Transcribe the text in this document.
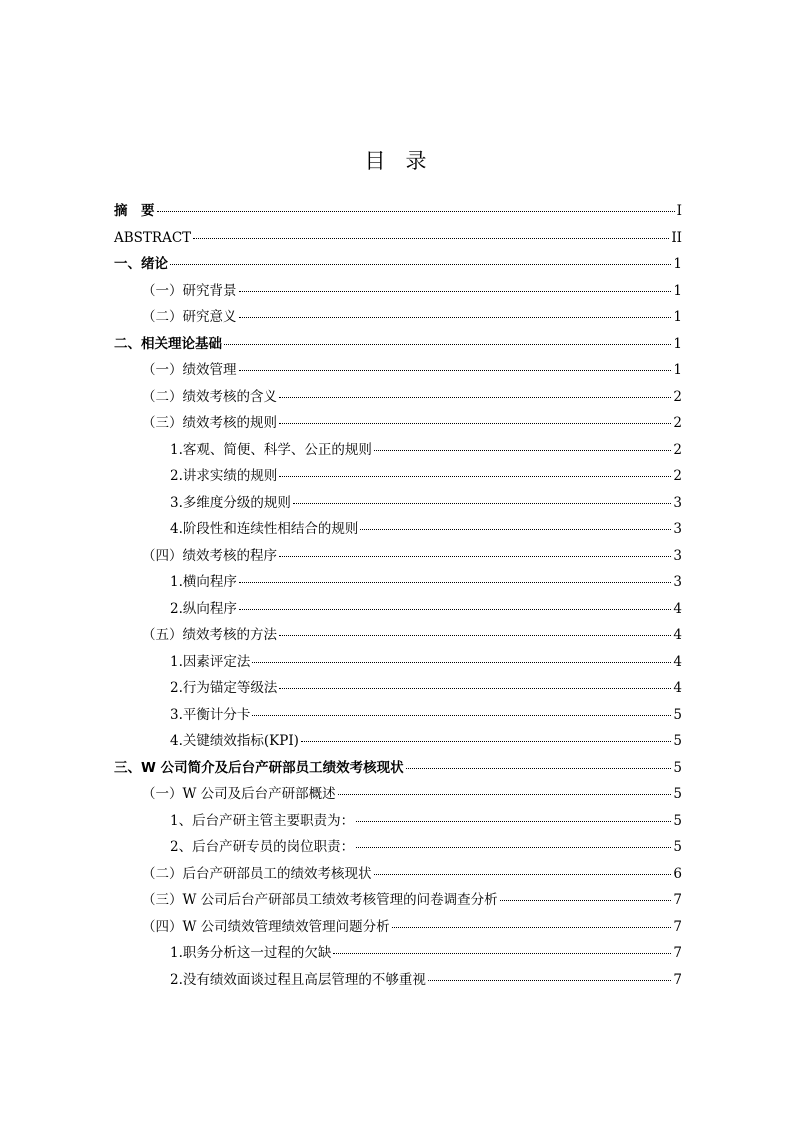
目 录
摘　要	I
ABSTRACT	II
一、绪论	1
（一）研究背景	1
（二）研究意义	1
二、相关理论基础	1
（一）绩效管理	1
（二）绩效考核的含义	2
（三）绩效考核的规则	2
1.客观、简便、科学、公正的规则	2
2.讲求实绩的规则	2
3.多维度分级的规则	3
4.阶段性和连续性相结合的规则	3
（四）绩效考核的程序	3
1.横向程序	3
2.纵向程序	4
（五）绩效考核的方法	4
1.因素评定法	4
2.行为锚定等级法	4
3.平衡计分卡	5
4.关键绩效指标(KPI)	5
三、W 公司简介及后台产研部员工绩效考核现状	5
（一）W 公司及后台产研部概述	5
1、后台产研主管主要职责为：	5
2、后台产研专员的岗位职责：	5
（二）后台产研部员工的绩效考核现状	6
（三）W 公司后台产研部员工绩效考核管理的问卷调查分析	7
（四）W 公司绩效管理绩效管理问题分析	7
1.职务分析这一过程的欠缺	7
2.没有绩效面谈过程且高层管理的不够重视	7
